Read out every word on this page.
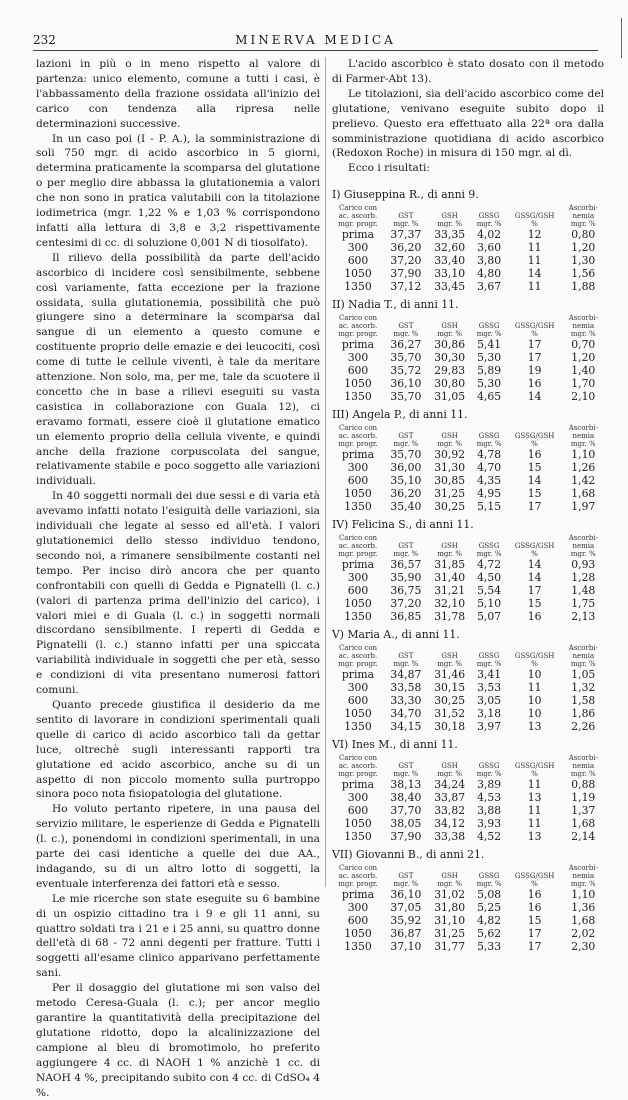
232	MINERVA MEDICA

lazioni in più o in meno rispetto al valore di partenza: unico elemento, comune a tutti i casi, è l'abbassamento della frazione ossidata all'inizio del carico con tendenza alla ripresa nelle determinazioni successive.

In un caso poi (I - P. A.), la somministrazione di soli 750 mgr. di acido ascorbico in 5 giorni, determina praticamente la scomparsa del glutatione o per meglio dire abbassa la glutationemia a valori che non sono in pratica valutabili con la titolazione iodimetrica (mgr. 1,22 % e 1,03 % corrispondono infatti alla lettura di 3,8 e 3,2 rispettivamente centesimi di cc. di soluzione 0,001 N di tiosolfato).

Il rilievo della possibilità da parte dell'acido ascorbico di incidere così sensibilmente, sebbene così variamente, fatta eccezione per la frazione ossidata, sulla glutationemia, possibilità che può giungere sino a determinare la scomparsa dal sangue di un elemento a questo comune e costituente proprio delle emazie e dei leucociti, così come di tutte le cellule viventi, è tale da meritare attenzione. Non solo, ma, per me, tale da scuotere il concetto che in base a rilievi eseguiti su vasta casistica in collaborazione con Guala 12), ci eravamo formati, essere cioè il glutatione ematico un elemento proprio della cellula vivente, e quindi anche della frazione corpuscolata del sangue, relativamente stabile e poco soggetto alle variazioni individuali.

In 40 soggetti normali dei due sessi e di varia età avevamo infatti notato l'esiguità delle variazioni, sia individuali che legate al sesso ed all'età. I valori glutationemici dello stesso individuo tendono, secondo noi, a rimanere sensibilmente costanti nel tempo. Per inciso dirò ancora che per quanto confrontabili con quelli di Gedda e Pignatelli (l. c.) (valori di partenza prima dell'inizio del carico), i valori miei e di Guala (l. c.) in soggetti normali discordano sensibilmente. I reperti di Gedda e Pignatelli (l. c.) stanno infatti per una spiccata variabilità individuale in soggetti che per età, sesso e condizioni di vita presentano numerosi fattori comuni.

Quanto precede giustifica il desiderio da me sentito di lavorare in condizioni sperimentali quali quelle di carico di acido ascorbico tali da gettar luce, oltrechè sugli interessanti rapporti tra glutatione ed acido ascorbico, anche su di un aspetto di non piccolo momento sulla purtroppo sinora poco nota fisiopatologia del glutatione.

Ho voluto pertanto ripetere, in una pausa del servizio militare, le esperienze di Gedda e Pignatelli (l. c.), ponendomi in condizioni sperimentali, in una parte dei casi identiche a quelle dei due AA., indagando, su di un altro lotto di soggetti, la eventuale interferenza dei fattori età e sesso.

Le mie ricerche son state eseguite su 6 bambine di un ospizio cittadino tra i 9 e gli 11 anni, su quattro soldati tra i 21 e i 25 anni, su quattro donne dell'età di 68 - 72 anni degenti per fratture. Tutti i soggetti all'esame clinico apparivano perfettamente sani.

Per il dosaggio del glutatione mi son valso del metodo Ceresa-Guala (l. c.); per ancor meglio garantire la quantitatività della precipitazione del glutatione ridotto, dopo la alcalinizzazione del campione al bleu di bromotimolo, ho preferito aggiungere 4 cc. di NAOH 1 % anzichè 1 cc. di NAOH 4 %, precipitando subito con 4 cc. di CdSO₄ 4 %.

L'acido ascorbico è stato dosato con il metodo di Farmer-Abt 13).

Le titolazioni, sia dell'acido ascorbico come del glutatione, venivano eseguite subito dopo il prelievo. Questo era effettuato alla 22ª ora dalla somministrazione quotidiana di acido ascorbico (Redoxon Roche) in misura di 150 mgr. al dì.

Ecco i risultati:

I) Giuseppina R., di anni 9.
Carico con
ac. ascorb.
mgr. progr.

GST
mgr. %

GSH
mgr. %

GSSG
mgr. %

GSSG/GSH
%

Ascorbi-
nemia
mgr. %

prima	37,37	33,35	4,02	12	0,80
300	36,20	32,60	3,60	11	1,20
600	37,20	33,40	3,80	11	1,30
1050	37,90	33,10	4,80	14	1,56
1350	37,12	33,45	3,67	11	1,88
II) Nadia T., di anni 11.
Carico con
ac. ascorb.
mgr. progr.

GST
mgr. %

GSH
mgr. %

GSSG
mgr. %

GSSG/GSH
%

Ascorbi-
nemia
mgr. %

prima	36,27	30,86	5,41	17	0,70
300	35,70	30,30	5,30	17	1,20
600	35,72	29,83	5,89	19	1,40
1050	36,10	30,80	5,30	16	1,70
1350	35,70	31,05	4,65	14	2,10
III) Angela P., di anni 11.
Carico con
ac. ascorb.
mgr. progr.

GST
mgr. %

GSH
mgr. %

GSSG
mgr. %

GSSG/GSH
%

Ascorbi-
nemia
mgr. %

prima	35,70	30,92	4,78	16	1,10
300	36,00	31,30	4,70	15	1,26
600	35,10	30,85	4,35	14	1,42
1050	36,20	31,25	4,95	15	1,68
1350	35,40	30,25	5,15	17	1,97
IV) Felicina S., di anni 11.
Carico con
ac. ascorb.
mgr. progr.

GST
mgr. %

GSH
mgr. %

GSSG
mgr. %

GSSG/GSH
%

Ascorbi-
nemia
mgr. %

prima	36,57	31,85	4,72	14	0,93
300	35,90	31,40	4,50	14	1,28
600	36,75	31,21	5,54	17	1,48
1050	37,20	32,10	5,10	15	1,75
1350	36,85	31,78	5,07	16	2,13
V) Maria A., di anni 11.
Carico con
ac. ascorb.
mgr. progr.

GST
mgr. %

GSH
mgr. %

GSSG
mgr. %

GSSG/GSH
%

Ascorbi-
nemia
mgr. %

prima	34,87	31,46	3,41	10	1,05
300	33,58	30,15	3,53	11	1,32
600	33,30	30,25	3,05	10	1,58
1050	34,70	31,52	3,18	10	1,86
1350	34,15	30,18	3,97	13	2,26
VI) Ines M., di anni 11.
Carico con
ac. ascorb.
mgr. progr.

GST
mgr. %

GSH
mgr. %

GSSG
mgr. %

GSSG/GSH
%

Ascorbi-
nemia
mgr. %

prima	38,13	34,24	3,89	11	0,88
300	38,40	33,87	4,53	13	1,19
600	37,70	33,82	3,88	11	1,37
1050	38,05	34,12	3,93	11	1,68
1350	37,90	33,38	4,52	13	2,14
VII) Giovanni B., di anni 21.
Carico con
ac. ascorb.
mgr. progr.

GST
mgr. %

GSH
mgr. %

GSSG
mgr. %

GSSG/GSH
%

Ascorbi-
nemia
mgr. %

prima	36,10	31,02	5,08	16	1,10
300	37,05	31,80	5,25	16	1,36
600	35,92	31,10	4,82	15	1,68
1050	36,87	31,25	5,62	17	2,02
1350	37,10	31,77	5,33	17	2,30
